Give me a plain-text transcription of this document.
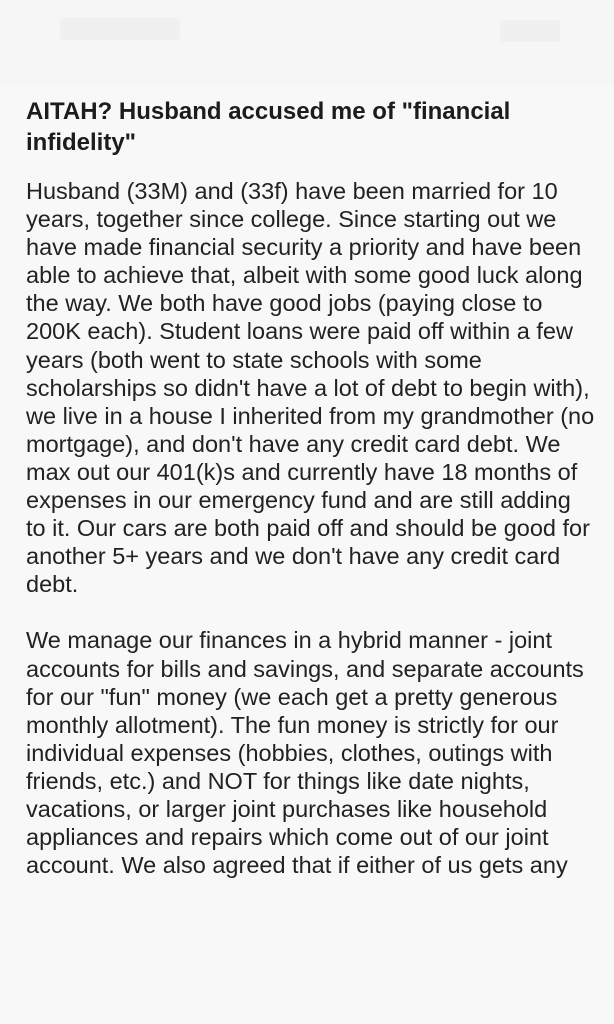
AITAH? Husband accused me of "financial infidelity"

Husband (33M) and (33f) have been married for 10 years, together since college. Since starting out we have made financial security a priority and have been able to achieve that, albeit with some good luck along the way. We both have good jobs (paying close to 200K each). Student loans were paid off within a few years (both went to state schools with some scholarships so didn't have a lot of debt to begin with), we live in a house I inherited from my grandmother (no mortgage), and don't have any credit card debt. We max out our 401(k)s and currently have 18 months of expenses in our emergency fund and are still adding to it. Our cars are both paid off and should be good for another 5+ years and we don't have any credit card debt.

We manage our finances in a hybrid manner - joint accounts for bills and savings, and separate accounts for our "fun" money (we each get a pretty generous monthly allotment). The fun money is strictly for our individual expenses (hobbies, clothes, outings with friends, etc.) and NOT for things like date nights, vacations, or larger joint purchases like household appliances and repairs which come out of our joint account. We also agreed that if either of us gets any
